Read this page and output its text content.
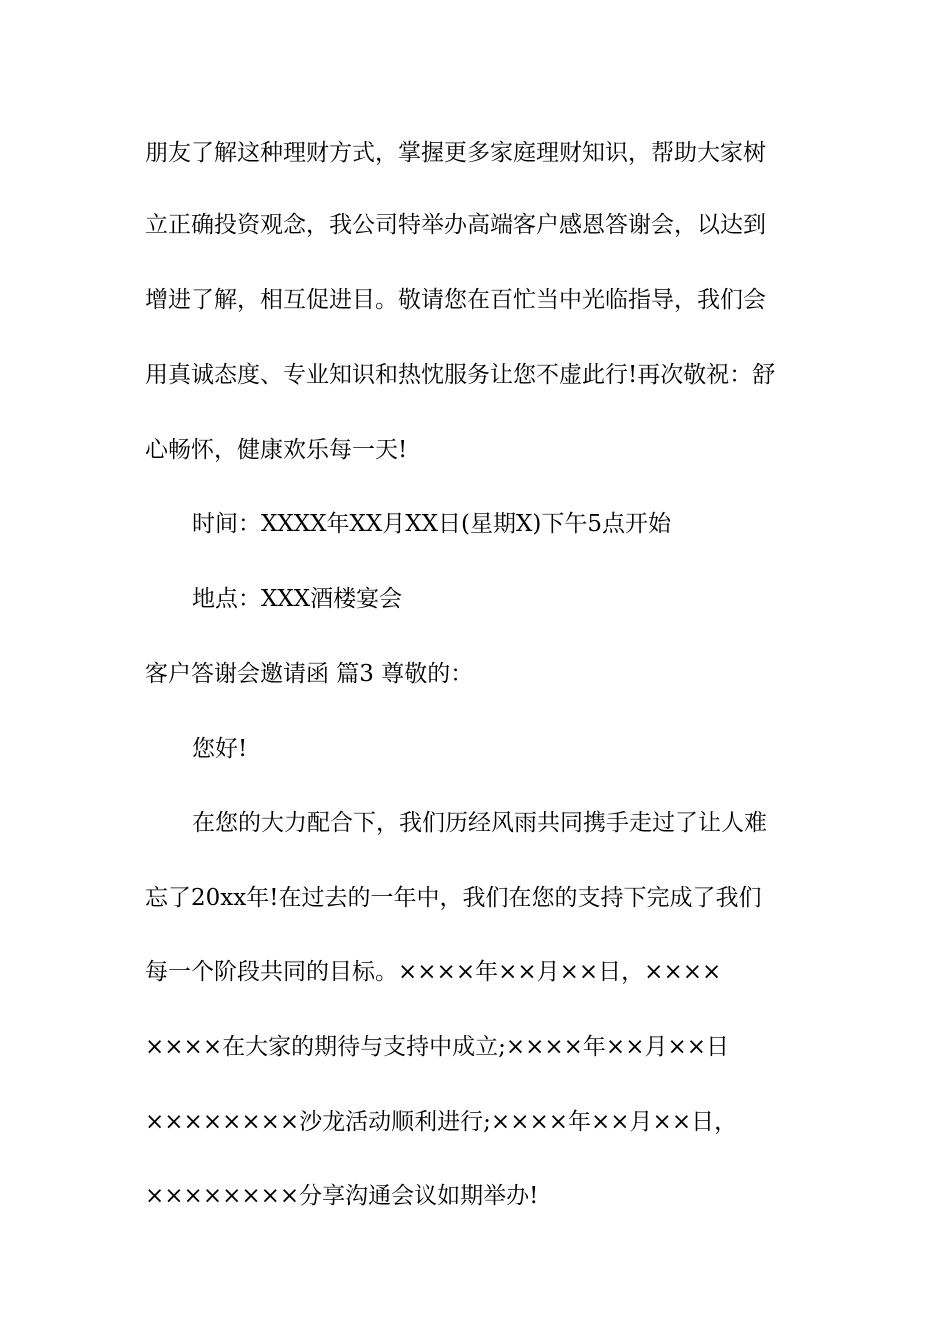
朋友了解这种理财方式，掌握更多家庭理财知识，帮助大家树
立正确投资观念，我公司特举办高端客户感恩答谢会，以达到
增进了解，相互促进目。敬请您在百忙当中光临指导，我们会
用真诚态度、专业知识和热忱服务让您不虚此行!再次敬祝：舒
心畅怀，健康欢乐每一天!
时间：XXXX年XX月XX日(星期X)下午5点开始
地点：XXX酒楼宴会
客户答谢会邀请函 篇3 尊敬的：
您好!
在您的大力配合下，我们历经风雨共同携手走过了让人难
忘了20xx年!在过去的一年中，我们在您的支持下完成了我们
每一个阶段共同的目标。××××年××月××日，××××
××××在大家的期待与支持中成立;××××年××月××日
××××××××沙龙活动顺利进行;××××年××月××日，
××××××××分享沟通会议如期举办!
